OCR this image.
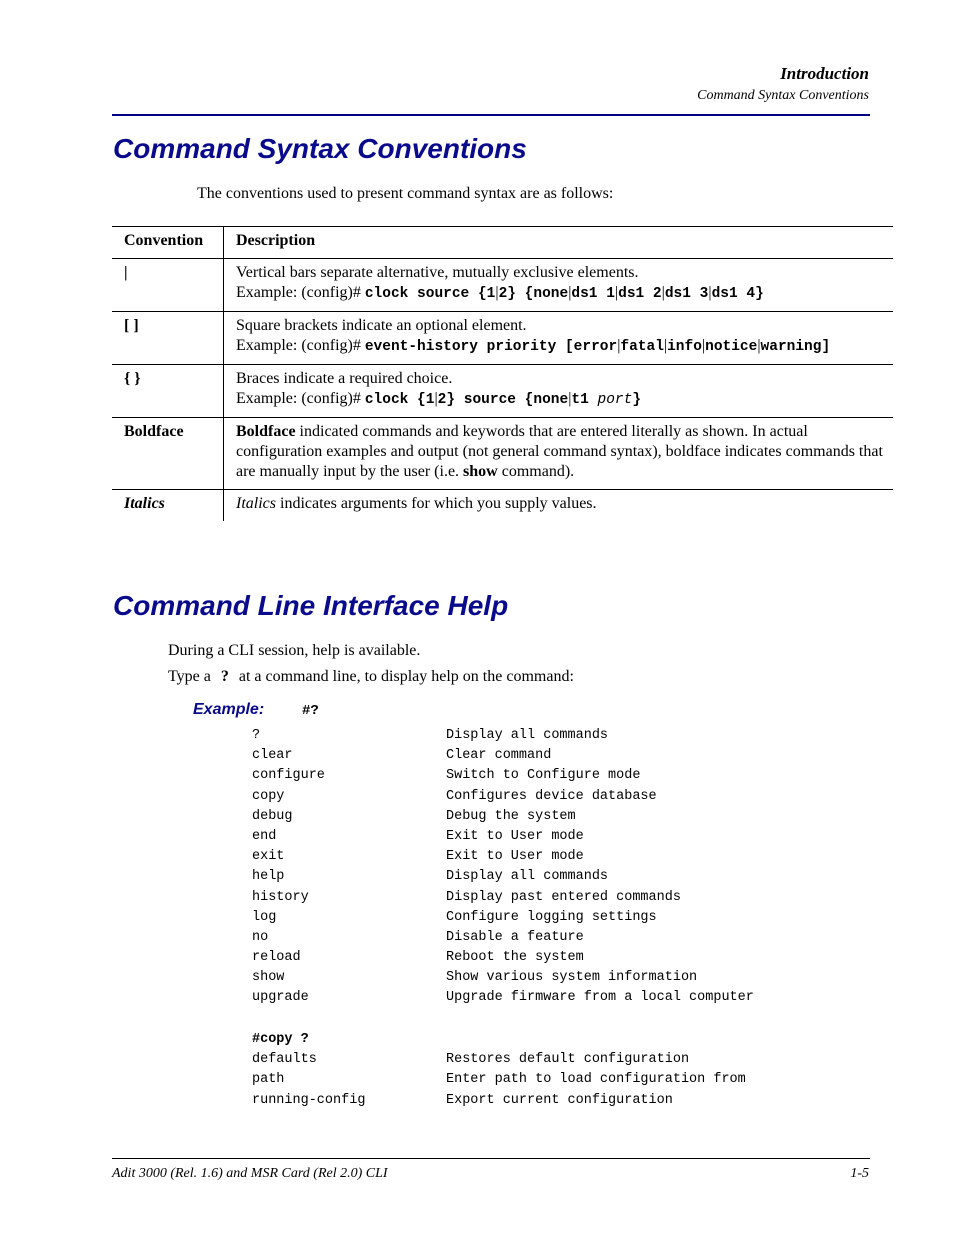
Introduction
Command Syntax Conventions
Command Syntax Conventions
The conventions used to present command syntax are as follows:
Convention	Description
|	Vertical bars separate alternative, mutually exclusive elements.
Example: (config)# clock source {1|2} {none|ds1 1|ds1 2|ds1 3|ds1 4}

[ ]	Square brackets indicate an optional element.
Example: (config)# event-history priority [error|fatal|info|notice|warning]

{ }	Braces indicate a required choice.
Example: (config)# clock {1|2} source {none|t1 port}

Boldface	Boldface indicated commands and keywords that are entered literally as shown. In actual configuration examples and output (not general command syntax), boldface indicates commands that are manually input by the user (i.e. show command).
Italics	Italics indicates arguments for which you supply values.
Command Line Interface Help
During a CLI session, help is available.
Type a ? at a command line, to display help on the command:
Example:	#?
?	Display all commands
clear	Clear command
configure	Switch to Configure mode
copy	Configures device database
debug	Debug the system
end	Exit to User mode
exit	Exit to User mode
help	Display all commands
history	Display past entered commands
log	Configure logging settings
no	Disable a feature
reload	Reboot the system
show	Show various system information
upgrade	Upgrade firmware from a local computer
#copy ?
defaults	Restores default configuration
path	Enter path to load configuration from
running-config	Export current configuration
Adit 3000 (Rel. 1.6) and MSR Card (Rel 2.0) CLI	1-5
